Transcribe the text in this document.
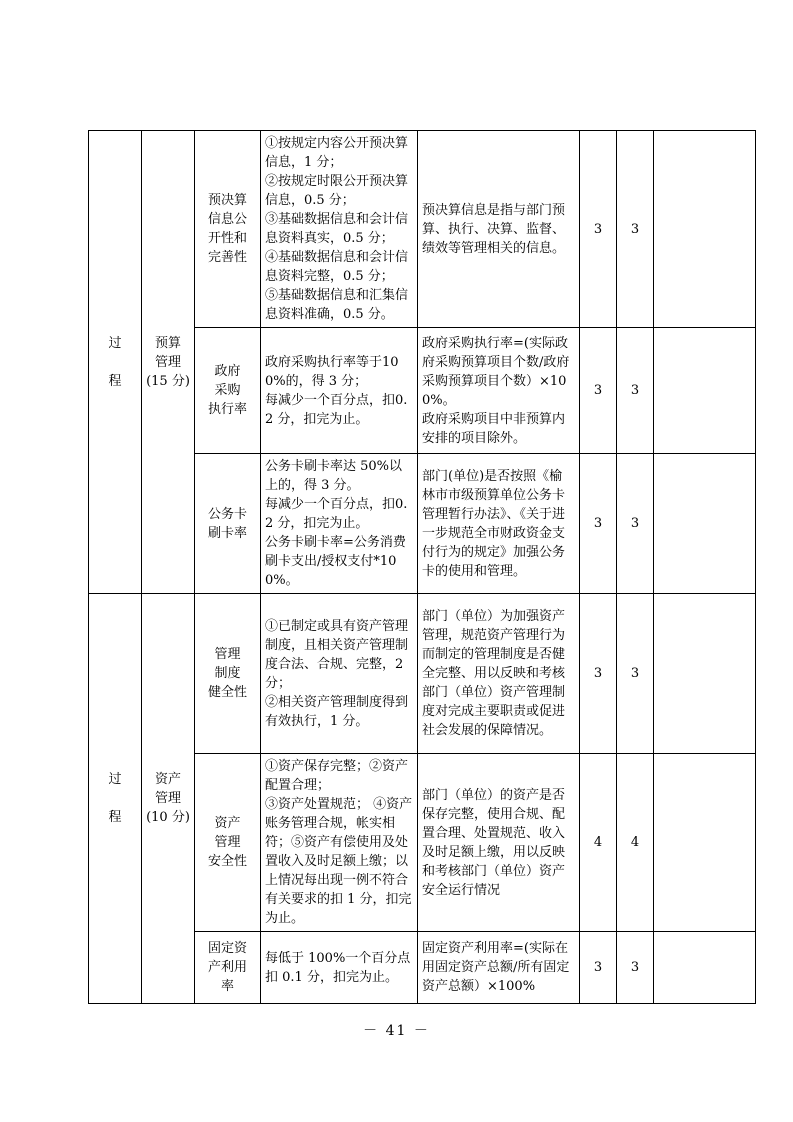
过

程	预算
管理
(15 分)	预决算
信息公
开性和
完善性	①按规定内容公开预决算信息，1 分；
②按规定时限公开预决算信息，0.5 分；
③基础数据信息和会计信息资料真实，0.5 分；
④基础数据信息和会计信息资料完整，0.5 分；
⑤基础数据信息和汇集信息资料准确，0.5 分。	预决算信息是指与部门预算、执行、决算、监督、绩效等管理相关的信息。	3	3	
		政府
采购
执行率	政府采购执行率等于100%的，得 3 分；
每减少一个百分点，扣0.2 分，扣完为止。	政府采购执行率=(实际政府采购预算项目个数/政府采购预算项目个数）×100%。
政府采购项目中非预算内安排的项目除外。	3	3	
		公务卡
刷卡率	公务卡刷卡率达 50%以上的，得 3 分。
每减少一个百分点，扣0.2 分，扣完为止。
公务卡刷卡率=公务消费刷卡支出/授权支付*100%。	部门(单位)是否按照《榆林市市级预算单位公务卡管理暂行办法》、《关于进一步规范全市财政资金支付行为的规定》加强公务卡的使用和管理。	3	3	
过

程	资产
管理
(10 分)	管理
制度
健全性	①已制定或具有资产管理制度，且相关资产管理制度合法、合规、完整，2 分；
②相关资产管理制度得到有效执行，1 分。	部门（单位）为加强资产管理，规范资产管理行为而制定的管理制度是否健全完整、用以反映和考核部门（单位）资产管理制度对完成主要职责或促进社会发展的保障情况。	3	3	
		资产
管理
安全性	①资产保存完整；②资产配置合理；
③资产处置规范； ④资产账务管理合规，帐实相符；⑤资产有偿使用及处置收入及时足额上缴；以上情况每出现一例不符合有关要求的扣 1 分，扣完为止。	部门（单位）的资产是否保存完整，使用合规、配置合理、处置规范、收入及时足额上缴，用以反映和考核部门（单位）资产安全运行情况	4	4	
		固定资
产利用
率	每低于 100%一个百分点扣 0.1 分，扣完为止。	固定资产利用率=(实际在用固定资产总额/所有固定资产总额）×100%	3	3	
－ 41 －
